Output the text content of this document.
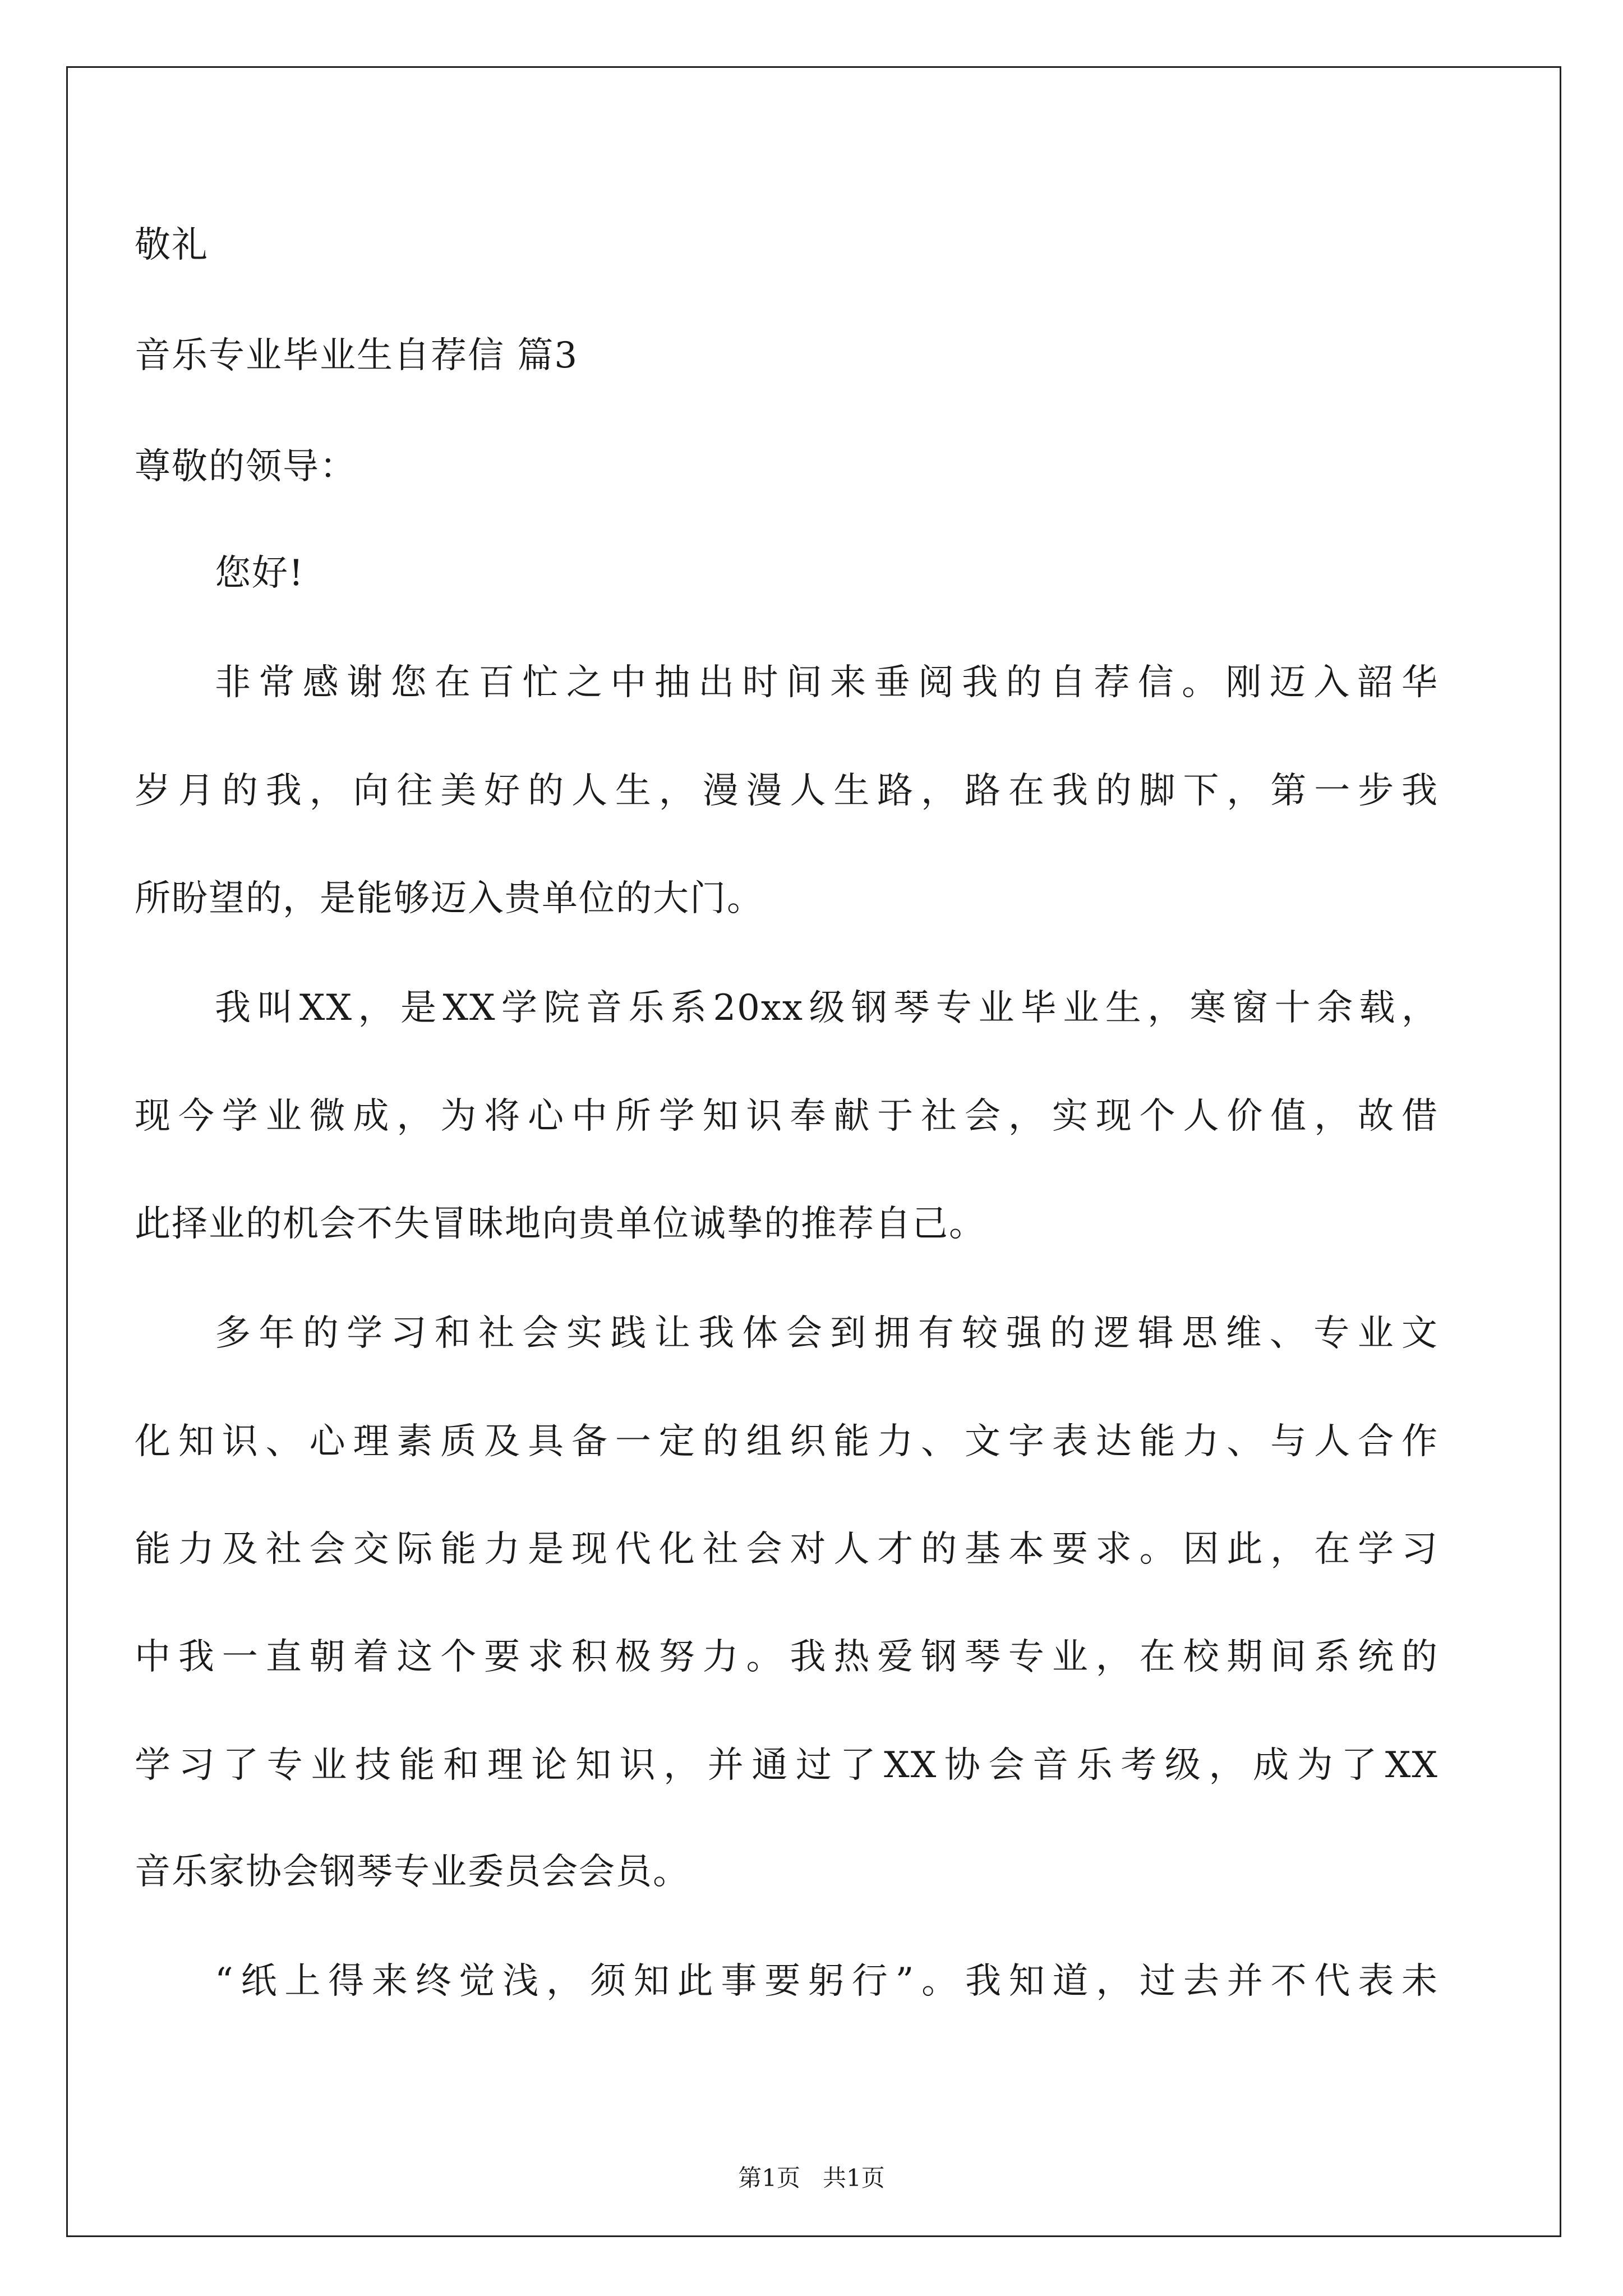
敬礼
音乐专业毕业生自荐信 篇3
尊敬的领导：
您好!
非常感谢您在百忙之中抽出时间来垂阅我的自荐信。刚迈入韶华
岁月的我，向往美好的人生，漫漫人生路，路在我的脚下，第一步我
所盼望的，是能够迈入贵单位的大门。
我叫XX，是XX学院音乐系20xx级钢琴专业毕业生，寒窗十余载，
现今学业微成，为将心中所学知识奉献于社会，实现个人价值，故借
此择业的机会不失冒昧地向贵单位诚挚的推荐自己。
多年的学习和社会实践让我体会到拥有较强的逻辑思维、专业文
化知识、心理素质及具备一定的组织能力、文字表达能力、与人合作
能力及社会交际能力是现代化社会对人才的基本要求。因此，在学习
中我一直朝着这个要求积极努力。我热爱钢琴专业，在校期间系统的
学习了专业技能和理论知识，并通过了XX协会音乐考级，成为了XX
音乐家协会钢琴专业委员会会员。
“纸上得来终觉浅，须知此事要躬行”。我知道，过去并不代表未
第1页 共1页
